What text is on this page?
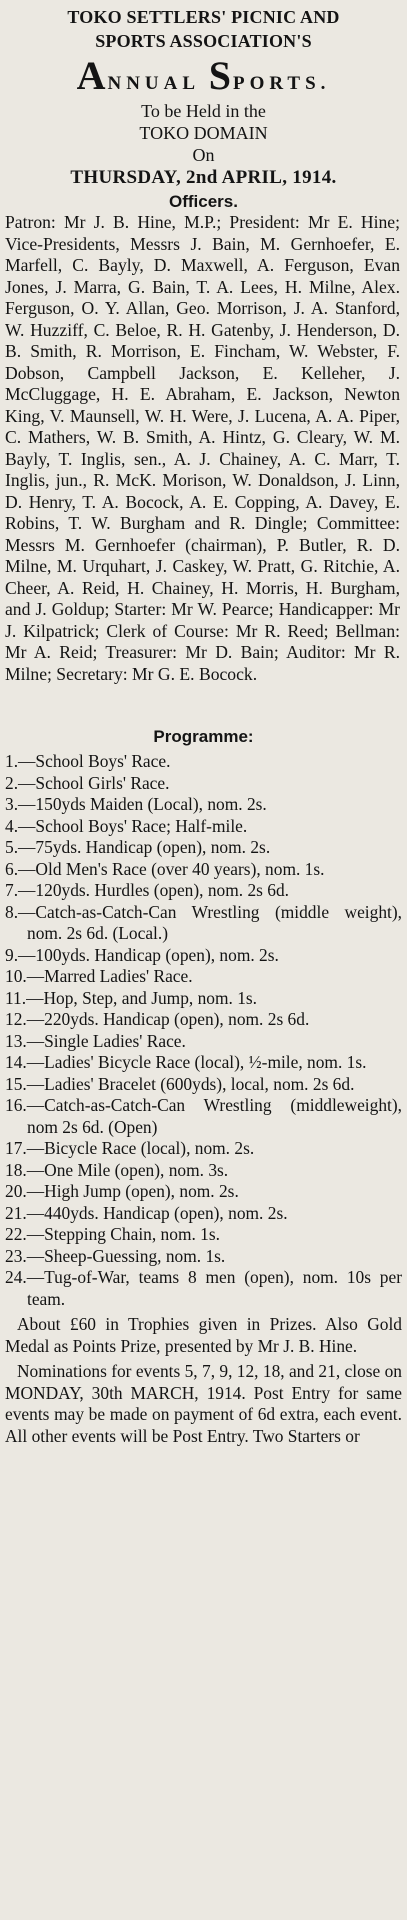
TOKO SETTLERS' PICNIC AND
SPORTS ASSOCIATION'S
ANNUAL SPORTS.
To be Held in the
TOKO DOMAIN
On
THURSDAY, 2nd APRIL, 1914.
Officers.

Patron: Mr J. B. Hine, M.P.; President: Mr E. Hine; Vice-Presidents, Messrs J. Bain, M. Gernhoefer, E. Marfell, C. Bayly, D. Maxwell, A. Ferguson, Evan Jones, J. Marra, G. Bain, T. A. Lees, H. Milne, Alex. Ferguson, O. Y. Allan, Geo. Morrison, J. A. Stanford, W. Huzziff, C. Beloe, R. H. Gatenby, J. Henderson, D. B. Smith, R. Morrison, E. Fincham, W. Webster, F. Dobson, Campbell Jackson, E. Kelleher, J. McCluggage, H. E. Abraham, E. Jackson, Newton King, V. Maunsell, W. H. Were, J. Lucena, A. A. Piper, C. Mathers, W. B. Smith, A. Hintz, G. Cleary, W. M. Bayly, T. Inglis, sen., A. J. Chainey, A. C. Marr, T. Inglis, jun., R. McK. Morison, W. Donaldson, J. Linn, D. Henry, T. A. Bocock, A. E. Copping, A. Davey, E. Robins, T. W. Burgham and R. Dingle; Committee: Messrs M. Gernhoefer (chairman), P. Butler, R. D. Milne, M. Urquhart, J. Caskey, W. Pratt, G. Ritchie, A. Cheer, A. Reid, H. Chainey, H. Morris, H. Burgham, and J. Goldup; Starter: Mr W. Pearce; Handicapper: Mr J. Kilpatrick; Clerk of Course: Mr R. Reed; Bellman: Mr A. Reid; Treasurer: Mr D. Bain; Auditor: Mr R. Milne; Secretary: Mr G. E. Bocock.

Programme:
1.—School Boys' Race.
2.—School Girls' Race.
3.—150yds Maiden (Local), nom. 2s.
4.—School Boys' Race; Half-mile.
5.—75yds. Handicap (open), nom. 2s.
6.—Old Men's Race (over 40 years), nom. 1s.
7.—120yds. Hurdles (open), nom. 2s 6d.
8.—Catch-as-Catch-Can Wrestling (middle weight), nom. 2s 6d. (Local.)
9.—100yds. Handicap (open), nom. 2s.
10.—Marred Ladies' Race.
11.—Hop, Step, and Jump, nom. 1s.
12.—220yds. Handicap (open), nom. 2s 6d.
13.—Single Ladies' Race.
14.—Ladies' Bicycle Race (local), ½-mile, nom. 1s.
15.—Ladies' Bracelet (600yds), local, nom. 2s 6d.
16.—Catch-as-Catch-Can Wrestling (middleweight), nom 2s 6d. (Open)
17.—Bicycle Race (local), nom. 2s.
18.—One Mile (open), nom. 3s.
20.—High Jump (open), nom. 2s.
21.—440yds. Handicap (open), nom. 2s.
22.—Stepping Chain, nom. 1s.
23.—Sheep-Guessing, nom. 1s.
24.—Tug-of-War, teams 8 men (open), nom. 10s per team.

About £60 in Trophies given in Prizes. Also Gold Medal as Points Prize, presented by Mr J. B. Hine.

Nominations for events 5, 7, 9, 12, 18, and 21, close on MONDAY, 30th MARCH, 1914. Post Entry for same events may be made on payment of 6d extra, each event. All other events will be Post Entry. Two Starters or
